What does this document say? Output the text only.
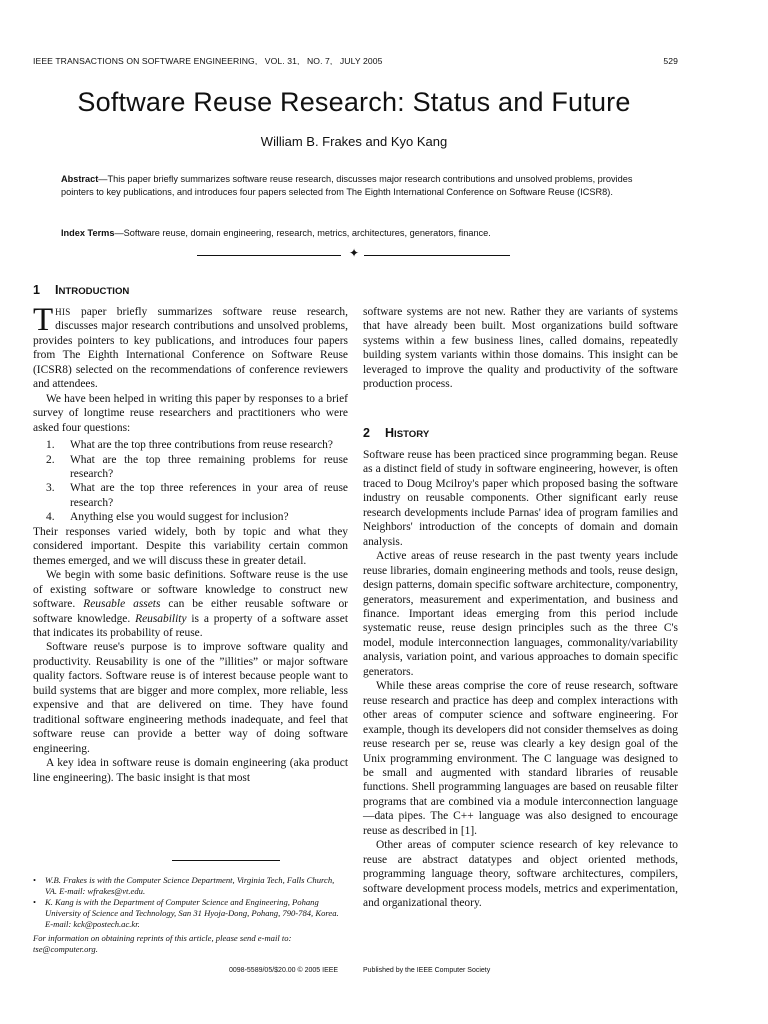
IEEE TRANSACTIONS ON SOFTWARE ENGINEERING, VOL. 31, NO. 7, JULY 2005	529
Software Reuse Research: Status and Future
William B. Frakes and Kyo Kang
Abstract—This paper briefly summarizes software reuse research, discusses major research contributions and unsolved problems, provides pointers to key publications, and introduces four papers selected from The Eighth International Conference on Software Reuse (ICSR8).
Index Terms—Software reuse, domain engineering, research, metrics, architectures, generators, finance.
✦
1 INTRODUCTION

THIS paper briefly summarizes software reuse research, discusses major research contributions and unsolved problems, provides pointers to key publications, and introduces four papers from The Eighth International Conference on Software Reuse (ICSR8) selected on the recommendations of conference reviewers and attendees.

We have been helped in writing this paper by responses to a brief survey of longtime reuse researchers and practitioners who were asked four questions:

1. What are the top three contributions from reuse research?
2. What are the top three remaining problems for reuse research?
3. What are the top three references in your area of reuse research?
4. Anything else you would suggest for inclusion?

Their responses varied widely, both by topic and what they considered important. Despite this variability certain common themes emerged, and we will discuss these in greater detail.

We begin with some basic definitions. Software reuse is the use of existing software or software knowledge to construct new software. Reusable assets can be either reusable software or software knowledge. Reusability is a property of a software asset that indicates its probability of reuse.

Software reuse's purpose is to improve software quality and productivity. Reusability is one of the ”illities” or major software quality factors. Software reuse is of interest because people want to build systems that are bigger and more complex, more reliable, less expensive and that are delivered on time. They have found traditional software engineering methods inadequate, and feel that software reuse can provide a better way of doing software engineering.

A key idea in software reuse is domain engineering (aka product line engineering). The basic insight is that most

software systems are not new. Rather they are variants of systems that have already been built. Most organizations build software systems within a few business lines, called domains, repeatedly building system variants within those domains. This insight can be leveraged to improve the quality and productivity of the software production process.

2 HISTORY

Software reuse has been practiced since programming began. Reuse as a distinct field of study in software engineering, however, is often traced to Doug Mcilroy's paper which proposed basing the software industry on reusable components. Other significant early reuse research developments include Parnas' idea of program families and Neighbors' introduction of the concepts of domain and domain analysis.

Active areas of reuse research in the past twenty years include reuse libraries, domain engineering methods and tools, reuse design, design patterns, domain specific software architecture, componentry, generators, measurement and experimentation, and business and finance. Important ideas emerging from this period include systematic reuse, reuse design principles such as the three C's model, module interconnection languages, commonality/variability analysis, variation point, and various approaches to domain specific generators.

While these areas comprise the core of reuse research, software reuse research and practice has deep and complex interactions with other areas of computer science and software engineering. For example, though its developers did not consider themselves as doing reuse research per se, reuse was clearly a key design goal of the Unix programming environment. The C language was designed to be small and augmented with standard libraries of reusable functions. Shell programming languages are based on reusable filter programs that are combined via a module interconnection language—data pipes. The C++ language was also designed to encourage reuse as described in [1].

Other areas of computer science research of key relevance to reuse are abstract datatypes and object oriented methods, programming language theory, software architectures, compilers, software development process models, metrics and experimentation, and organizational theory.

• W.B. Frakes is with the Computer Science Department, Virginia Tech, Falls Church, VA. E-mail: wfrakes@vt.edu.
• K. Kang is with the Department of Computer Science and Engineering, Pohang University of Science and Technology, San 31 Hyoja-Dong, Pohang, 790-784, Korea. E-mail: kck@postech.ac.kr.
For information on obtaining reprints of this article, please send e-mail to: tse@computer.org.
0098-5589/05/$20.00 © 2005 IEEE	Published by the IEEE Computer Society
